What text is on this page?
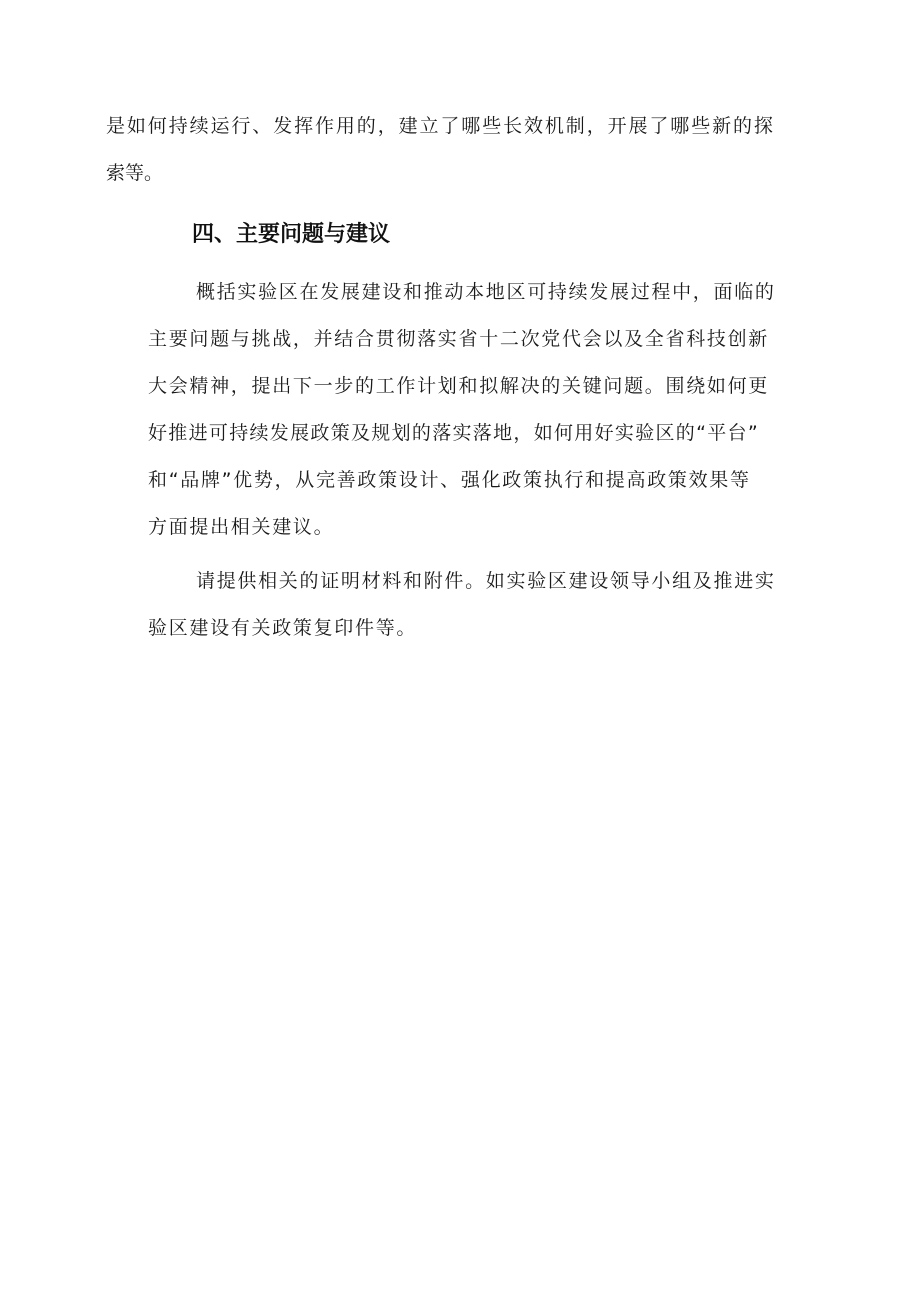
是如何持续运行、发挥作用的，建立了哪些长效机制，开展了哪些新的探

索等。

四、主要问题与建议

概括实验区在发展建设和推动本地区可持续发展过程中，面临的

主要问题与挑战，并结合贯彻落实省十二次党代会以及全省科技创新

大会精神，提出下一步的工作计划和拟解决的关键问题。围绕如何更

好推进可持续发展政策及规划的落实落地，如何用好实验区的“平台”

和“品牌”优势，从完善政策设计、强化政策执行和提高政策效果等

方面提出相关建议。

请提供相关的证明材料和附件。如实验区建设领导小组及推进实

验区建设有关政策复印件等。
